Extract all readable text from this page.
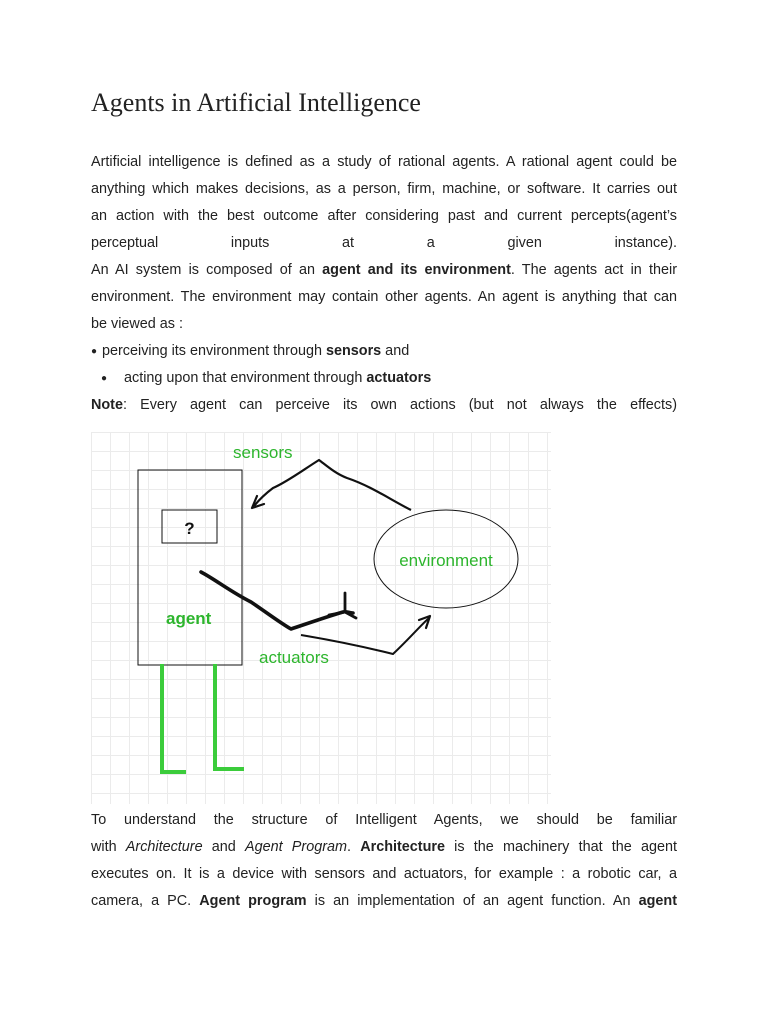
Agents in Artificial Intelligence
Artificial intelligence is defined as a study of rational agents. A rational agent could be
anything which makes decisions, as a person, firm, machine, or software. It carries out
an action with the best outcome after considering past and current percepts(agent’s
perceptual inputs at a given instance).
An AI system is composed of an agent and its environment. The agents act in their
environment. The environment may contain other agents. An agent is anything that can
be viewed as :
● perceiving its environment through sensors and
● acting upon that environment through actuators
Note: Every agent can perceive its own actions (but not always the effects)
?
agent
sensors
environment
actuators
To understand the structure of Intelligent Agents, we should be familiar
with Architecture and Agent Program. Architecture is the machinery that the agent
executes on. It is a device with sensors and actuators, for example : a robotic car, a
camera, a PC. Agent program is an implementation of an agent function. An agent
